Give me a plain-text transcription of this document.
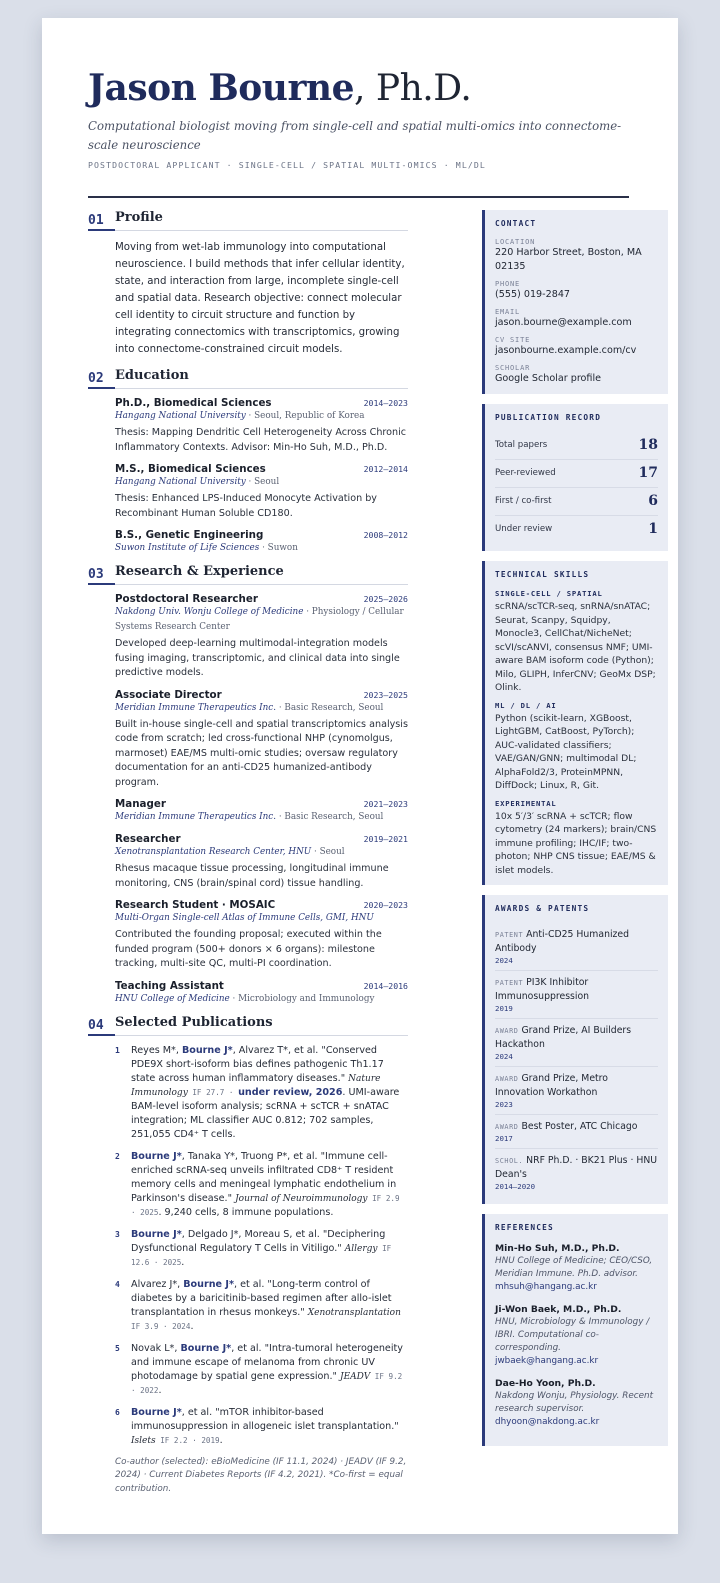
Jason Bourne, Ph.D.
Computational biologist moving from single-cell and spatial multi-omics into connectome-scale neuroscience
POSTDOCTORAL APPLICANT · SINGLE-CELL / SPATIAL MULTI-OMICS · ML/DL
01 Profile
Moving from wet-lab immunology into computational neuroscience. I build methods that infer cellular identity, state, and interaction from large, incomplete single-cell and spatial data. Research objective: connect molecular cell identity to circuit structure and function by integrating connectomics with transcriptomics, growing into connectome-constrained circuit models.
02 Education
Ph.D., Biomedical Sciences	2014–2023
Hangang National University · Seoul, Republic of Korea
Thesis: Mapping Dendritic Cell Heterogeneity Across Chronic Inflammatory Contexts. Advisor: Min-Ho Suh, M.D., Ph.D.
M.S., Biomedical Sciences	2012–2014
Hangang National University · Seoul
Thesis: Enhanced LPS-Induced Monocyte Activation by Recombinant Human Soluble CD180.
B.S., Genetic Engineering	2008–2012
Suwon Institute of Life Sciences · Suwon
03 Research & Experience
Postdoctoral Researcher	2025–2026
Nakdong Univ. Wonju College of Medicine · Physiology / Cellular Systems Research Center
Developed deep-learning multimodal-integration models fusing imaging, transcriptomic, and clinical data into single predictive models.
Associate Director	2023–2025
Meridian Immune Therapeutics Inc. · Basic Research, Seoul
Built in-house single-cell and spatial transcriptomics analysis code from scratch; led cross-functional NHP (cynomolgus, marmoset) EAE/MS multi-omic studies; oversaw regulatory documentation for an anti-CD25 humanized-antibody program.
Manager	2021–2023
Meridian Immune Therapeutics Inc. · Basic Research, Seoul
Researcher	2019–2021
Xenotransplantation Research Center, HNU · Seoul
Rhesus macaque tissue processing, longitudinal immune monitoring, CNS (brain/spinal cord) tissue handling.
Research Student · MOSAIC	2020–2023
Multi-Organ Single-cell Atlas of Immune Cells, GMI, HNU
Contributed the founding proposal; executed within the funded program (500+ donors × 6 organs): milestone tracking, multi-site QC, multi-PI coordination.
Teaching Assistant	2014–2016
HNU College of Medicine · Microbiology and Immunology
04 Selected Publications
1	Reyes M*, Bourne J*, Alvarez T*, et al. "Conserved PDE9X short-isoform bias defines pathogenic Th1.17 state across human inflammatory diseases." Nature Immunology IF 27.7 · under review, 2026. UMI-aware BAM-level isoform analysis; scRNA + scTCR + snATAC integration; ML classifier AUC 0.812; 702 samples, 251,055 CD4⁺ T cells.
2	Bourne J*, Tanaka Y*, Truong P*, et al. "Immune cell-enriched scRNA-seq unveils infiltrated CD8⁺ T resident memory cells and meningeal lymphatic endothelium in Parkinson's disease." Journal of Neuroimmunology IF 2.9 · 2025. 9,240 cells, 8 immune populations.
3	Bourne J*, Delgado J*, Moreau S, et al. "Deciphering Dysfunctional Regulatory T Cells in Vitiligo." Allergy IF 12.6 · 2025.
4	Alvarez J*, Bourne J*, et al. "Long-term control of diabetes by a baricitinib-based regimen after allo-islet transplantation in rhesus monkeys." Xenotransplantation IF 3.9 · 2024.
5	Novak L*, Bourne J*, et al. "Intra-tumoral heterogeneity and immune escape of melanoma from chronic UV photodamage by spatial gene expression." JEADV IF 9.2 · 2022.
6	Bourne J*, et al. "mTOR inhibitor-based immunosuppression in allogeneic islet transplantation." Islets IF 2.2 · 2019.
Co-author (selected): eBioMedicine (IF 11.1, 2024) · JEADV (IF 9.2, 2024) · Current Diabetes Reports (IF 4.2, 2021). *Co-first = equal contribution.
CONTACT
LOCATION
220 Harbor Street, Boston, MA 02135
PHONE
(555) 019-2847
EMAIL
jason.bourne@example.com
CV SITE
jasonbourne.example.com/cv
SCHOLAR
Google Scholar profile
PUBLICATION RECORD
Total papers	18
Peer-reviewed	17
First / co-first	6
Under review	1
TECHNICAL SKILLS
SINGLE-CELL / SPATIAL
scRNA/scTCR-seq, snRNA/snATAC; Seurat, Scanpy, Squidpy, Monocle3, CellChat/NicheNet; scVI/scANVI, consensus NMF; UMI-aware BAM isoform code (Python); Milo, GLIPH, InferCNV; GeoMx DSP; Olink.
ML / DL / AI
Python (scikit-learn, XGBoost, LightGBM, CatBoost, PyTorch); AUC-validated classifiers; VAE/GAN/GNN; multimodal DL; AlphaFold2/3, ProteinMPNN, DiffDock; Linux, R, Git.
EXPERIMENTAL
10x 5′/3′ scRNA + scTCR; flow cytometry (24 markers); brain/CNS immune profiling; IHC/IF; two-photon; NHP CNS tissue; EAE/MS & islet models.
AWARDS & PATENTS
PATENT Anti-CD25 Humanized Antibody
2024
PATENT PI3K Inhibitor Immunosuppression
2019
AWARD Grand Prize, AI Builders Hackathon
2024
AWARD Grand Prize, Metro Innovation Workathon
2023
AWARD Best Poster, ATC Chicago
2017
SCHOL. NRF Ph.D. · BK21 Plus · HNU Dean's
2014–2020
REFERENCES
Min-Ho Suh, M.D., Ph.D.
HNU College of Medicine; CEO/CSO, Meridian Immune. Ph.D. advisor.
mhsuh@hangang.ac.kr
Ji-Won Baek, M.D., Ph.D.
HNU, Microbiology & Immunology / IBRI. Computational co-corresponding.
jwbaek@hangang.ac.kr
Dae-Ho Yoon, Ph.D.
Nakdong Wonju, Physiology. Recent research supervisor.
dhyoon@nakdong.ac.kr
